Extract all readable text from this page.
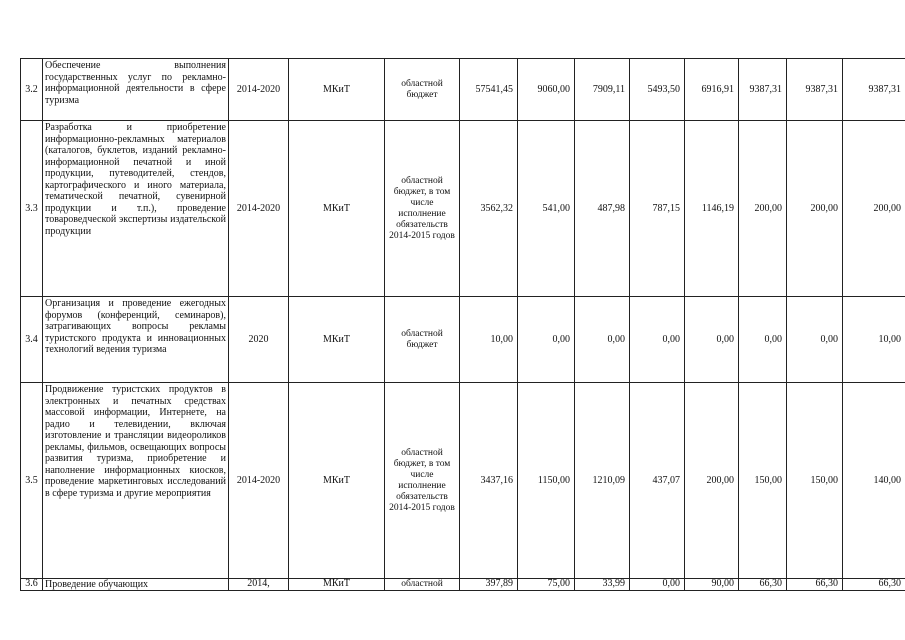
3.2	Обеспечение выполнения государственных услуг по рекламно-информационной деятельности в сфере туризма	2014-2020	МКиТ	областной бюджет	57541,45	9060,00	7909,11	5493,50	6916,91	9387,31	9387,31	9387,31
3.3	Разработка и приобретение информационно-рекламных материалов (каталогов, буклетов, изданий рекламно-информационной печатной и иной продукции, путеводителей, стендов, картографического и иного материала, тематической печатной, сувенирной продукции и т.п.), проведение товароведческой экспертизы издательской продукции	2014-2020	МКиТ	областной бюджет, в том числе исполнение обязательств 2014-2015 годов	3562,32	541,00	487,98	787,15	1146,19	200,00	200,00	200,00
3.4	Организация и проведение ежегодных форумов (конференций, семинаров), затрагивающих вопросы рекламы туристского продукта и инновационных технологий ведения туризма	2020	МКиТ	областной бюджет	10,00	0,00	0,00	0,00	0,00	0,00	0,00	10,00
3.5	Продвижение туристских продуктов в электронных и печатных средствах массовой информации, Интернете, на радио и телевидении, включая изготовление и трансляции видеороликов рекламы, фильмов, освещающих вопросы развития туризма, приобретение и наполнение информационных киосков, проведение маркетинговых исследований в сфере туризма и другие мероприятия	2014-2020	МКиТ	областной бюджет, в том числе исполнение обязательств 2014-2015 годов	3437,16	1150,00	1210,09	437,07	200,00	150,00	150,00	140,00
3.6	Проведение обучающих	2014,	МКиТ	областной	397,89	75,00	33,99	0,00	90,00	66,30	66,30	66,30
